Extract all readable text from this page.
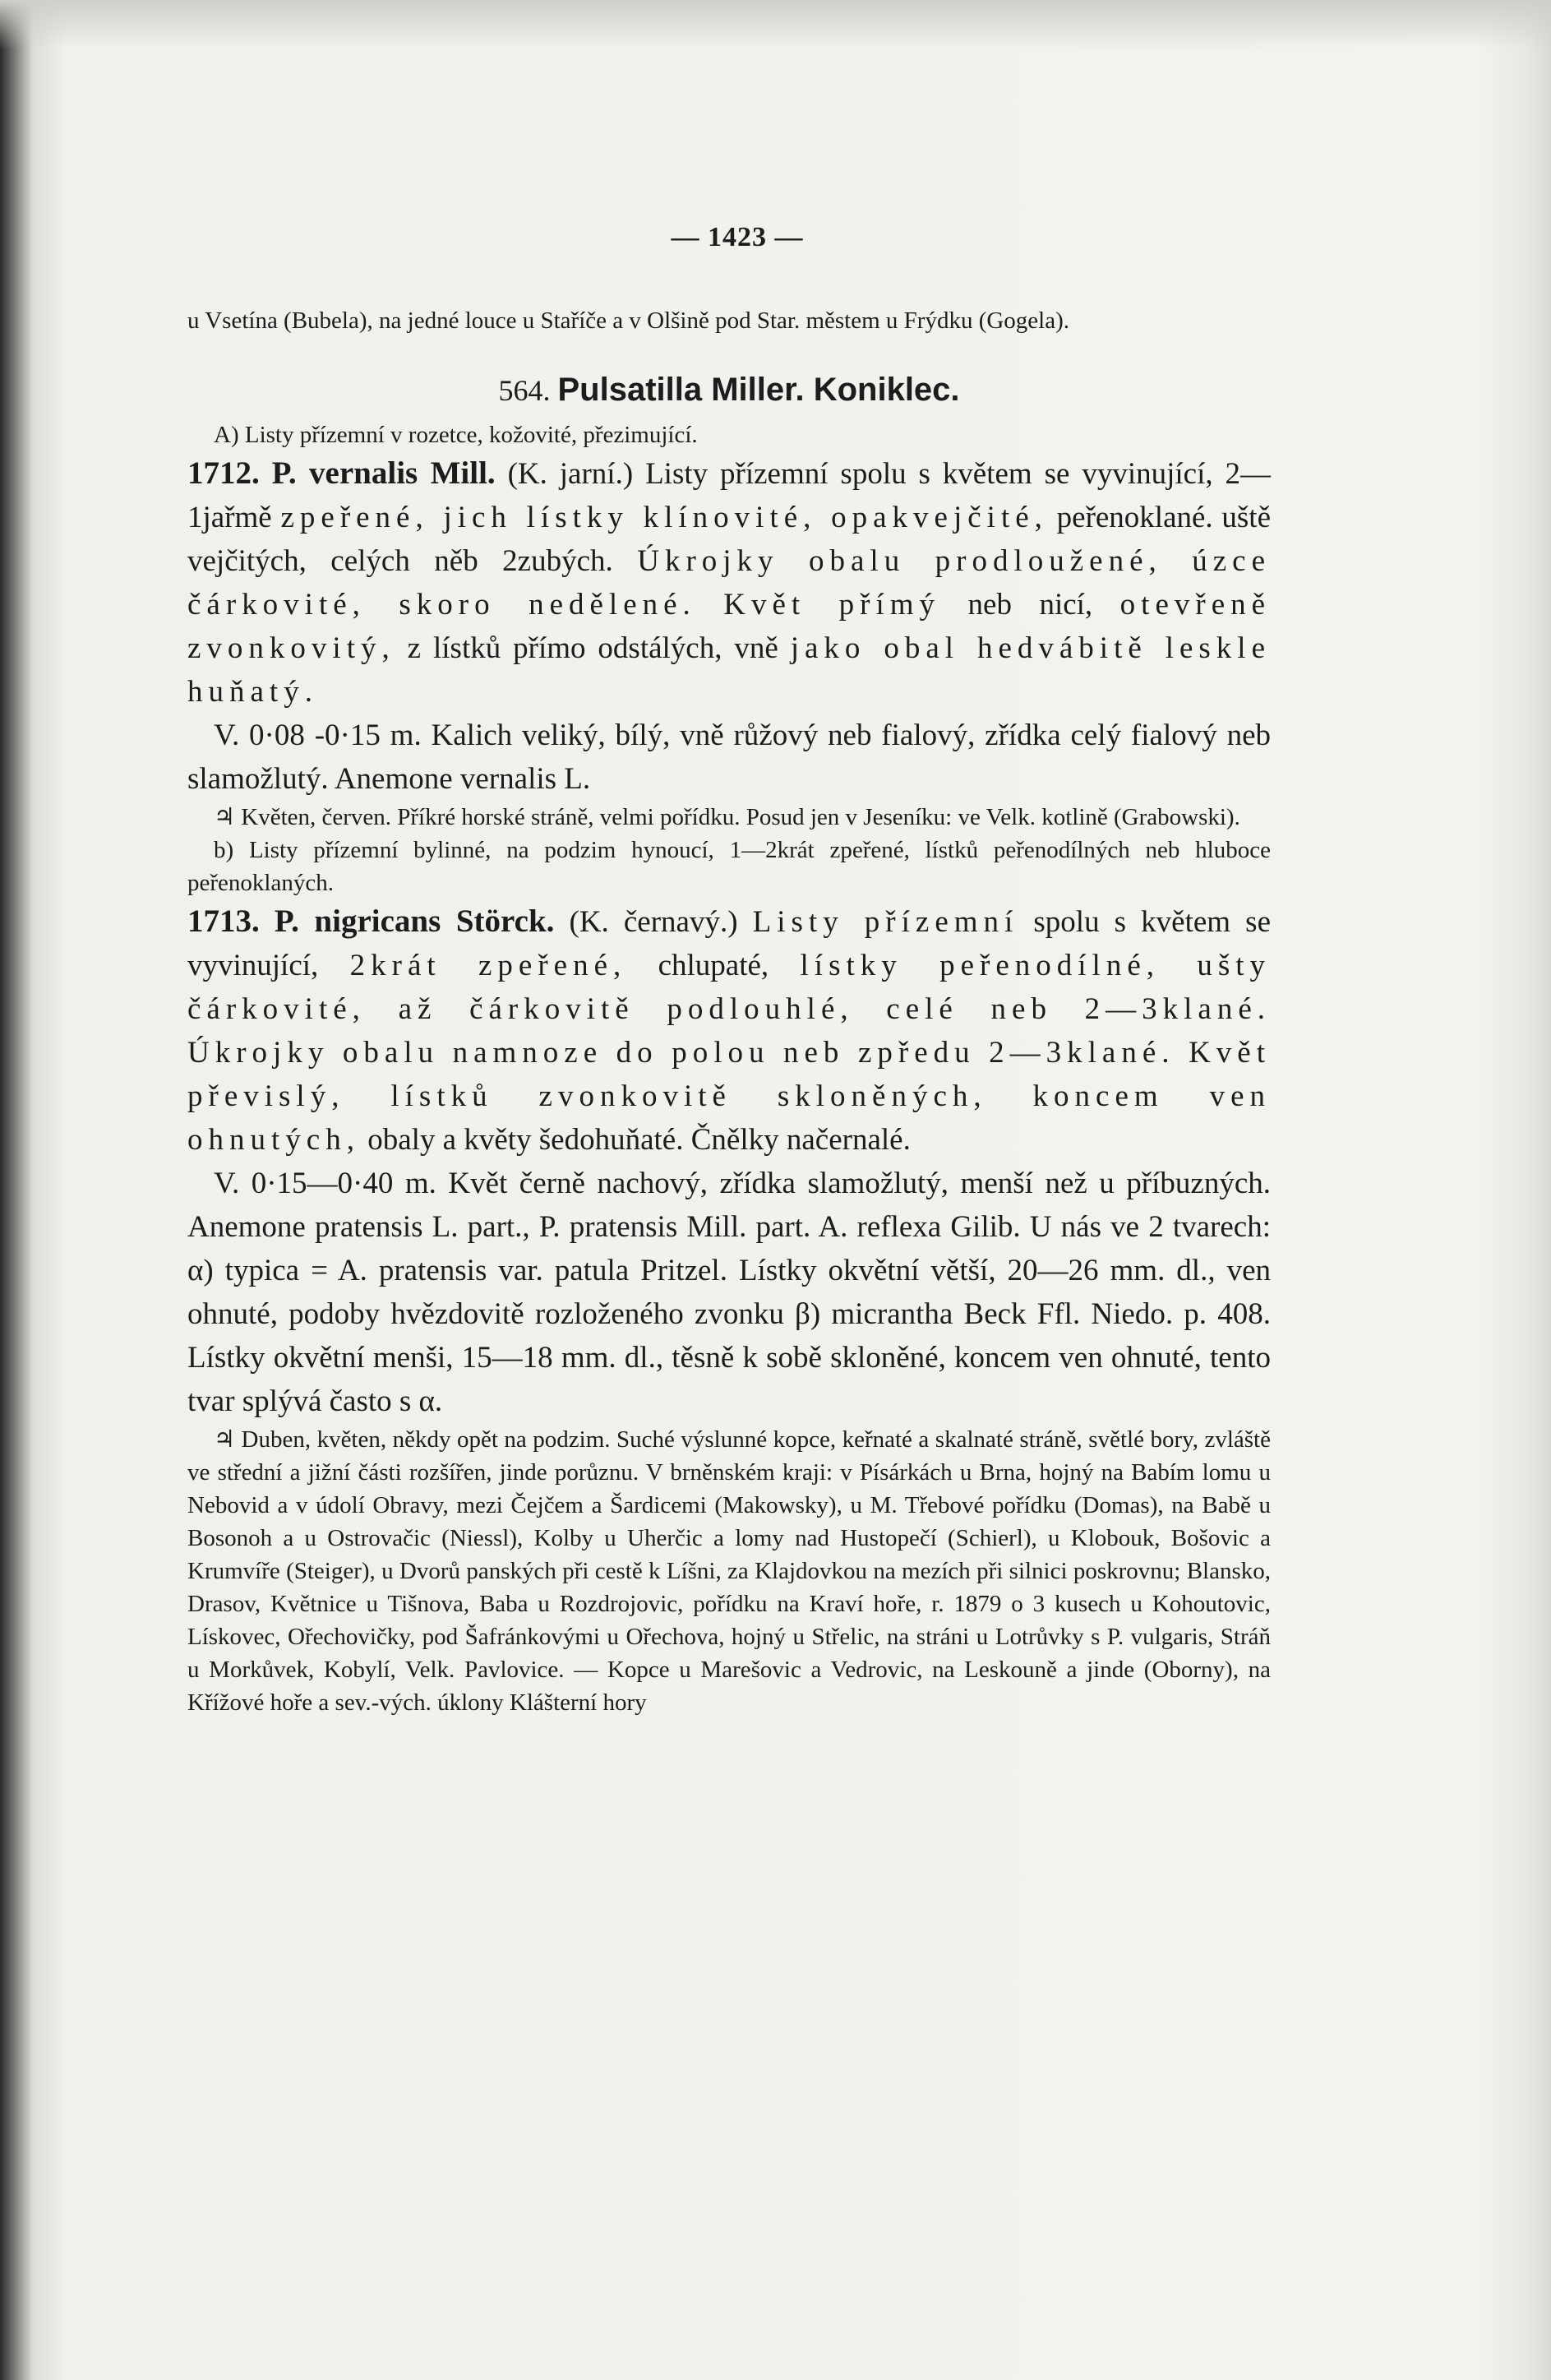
— 1423 —

u Vsetína (Bubela), na jedné louce u Staříče a v Olšině pod Star. městem u Frýdku (Gogela).

564. Pulsatilla Miller. Koniklec.

A) Listy přízemní v rozetce, kožovité, přezimující.

1712. P. vernalis Mill. (K. jarní.) Listy přízemní spolu s květem se vyvinující, 2—1jařmě zpeřené, jich lístky klínovité, opakvejčité, peřenoklané. uště vejčitých, celých něb 2zubých. Úkrojky obalu prodloužené, úzce čárkovité, skoro nedělené. Květ přímý neb nicí, otevřeně zvonkovitý, z lístků přímo odstálých, vně jako obal hedvábitě leskle huňatý.

V. 0·08 -0·15 m. Kalich veliký, bílý, vně růžový neb fialový, zřídka celý fialový neb slamožlutý. Anemone vernalis L.

♃ Květen, červen. Příkré horské stráně, velmi pořídku. Posud jen v Jeseníku: ve Velk. kotlině (Grabowski).

b) Listy přízemní bylinné, na podzim hynoucí, 1—2krát zpeřené, lístků peřenodílných neb hluboce peřenoklaných.

1713. P. nigricans Störck. (K. černavý.) Listy přízemní spolu s květem se vyvinující, 2krát zpeřené, chlupaté, lístky peřenodílné, ušty čárkovité, až čárkovitě podlouhlé, celé neb 2—3klané. Úkrojky obalu namnoze do polou neb zpředu 2—3klané. Květ převislý, lístků zvonkovitě skloněných, koncem ven ohnutých, obaly a květy šedohuňaté. Čnělky načernalé.

V. 0·15—0·40 m. Květ černě nachový, zřídka slamožlutý, menší než u příbuzných. Anemone pratensis L. part., P. pratensis Mill. part. A. reflexa Gilib. U nás ve 2 tvarech: α) typica = A. pratensis var. patula Pritzel. Lístky okvětní větší, 20—26 mm. dl., ven ohnuté, podoby hvězdovitě rozloženého zvonku β) micrantha Beck Ffl. Niedo. p. 408. Lístky okvětní menši, 15—18 mm. dl., těsně k sobě skloněné, koncem ven ohnuté, tento tvar splývá často s α.

♃ Duben, květen, někdy opět na podzim. Suché výslunné kopce, keřnaté a skalnaté stráně, světlé bory, zvláště ve střední a jižní části rozšířen, jinde porůznu. V brněnském kraji: v Písárkách u Brna, hojný na Babím lomu u Nebovid a v údolí Obravy, mezi Čejčem a Šardicemi (Makowsky), u M. Třebové pořídku (Domas), na Babě u Bosonoh a u Ostrovačic (Niessl), Kolby u Uherčic a lomy nad Hustopečí (Schierl), u Klobouk, Bošovic a Krumvíře (Steiger), u Dvorů panských při cestě k Líšni, za Klajdovkou na mezích při silnici poskrovnu; Blansko, Drasov, Květnice u Tišnova, Baba u Rozdrojovic, pořídku na Kraví hoře, r. 1879 o 3 kusech u Kohoutovic, Lískovec, Ořechovičky, pod Šafránkovými u Ořechova, hojný u Střelic, na stráni u Lotrůvky s P. vulgaris, Stráň u Morkůvek, Kobylí, Velk. Pavlovice. — Kopce u Marešovic a Vedrovic, na Leskouně a jinde (Oborny), na Křížové hoře a sev.-vých. úklony Klášterní hory
